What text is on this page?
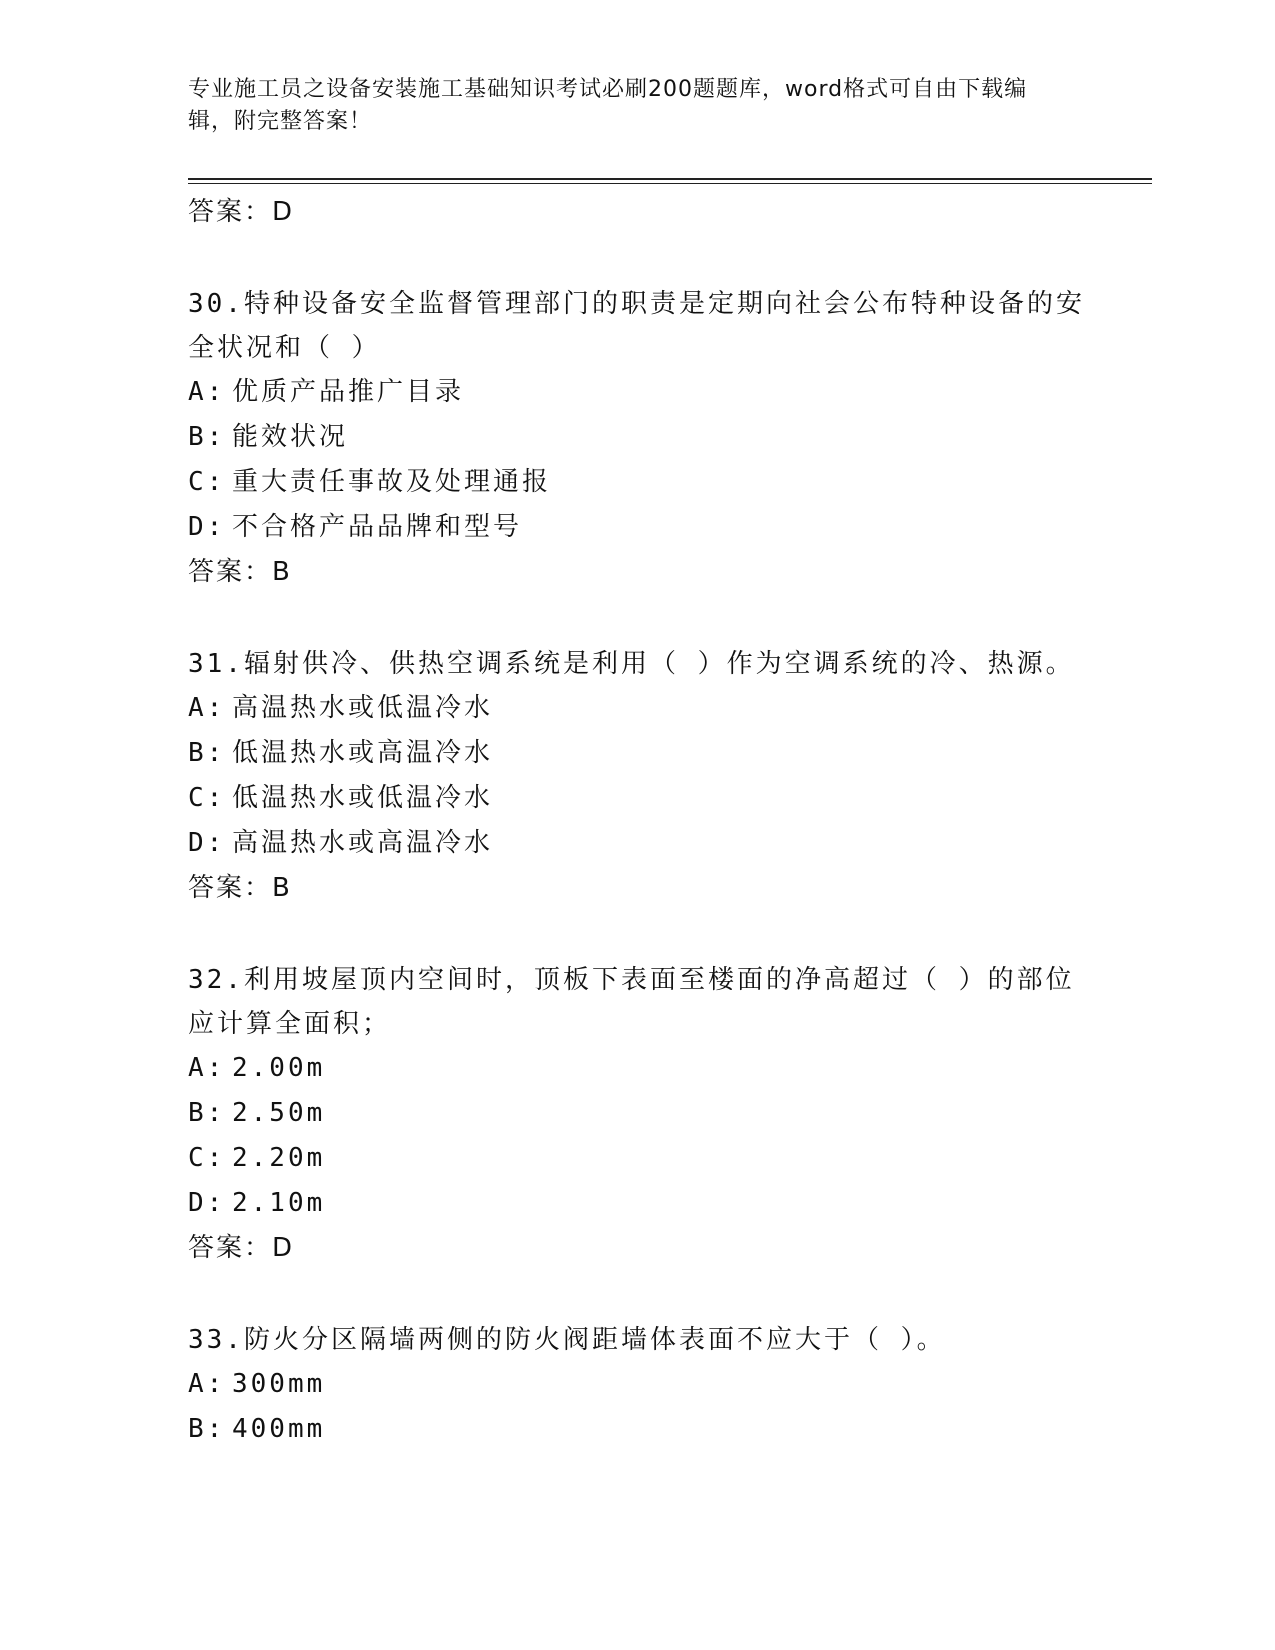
专业施工员之设备安装施工基础知识考试必刷200题题库，word格式可自由下载编辑，附完整答案！
答案：D
30.特种设备安全监督管理部门的职责是定期向社会公布特种设备的安全状况和（ ）
A: 优质产品推广目录
B: 能效状况
C: 重大责任事故及处理通报
D: 不合格产品品牌和型号
答案：B
31.辐射供冷、供热空调系统是利用（ ）作为空调系统的冷、热源。
A: 高温热水或低温冷水
B: 低温热水或高温冷水
C: 低温热水或低温冷水
D: 高温热水或高温冷水
答案：B
32.利用坡屋顶内空间时，顶板下表面至楼面的净高超过（ ）的部位应计算全面积；
A: 2.00m
B: 2.50m
C: 2.20m
D: 2.10m
答案：D
33.防火分区隔墙两侧的防火阀距墙体表面不应大于（ ）。
A: 300mm
B: 400mm
